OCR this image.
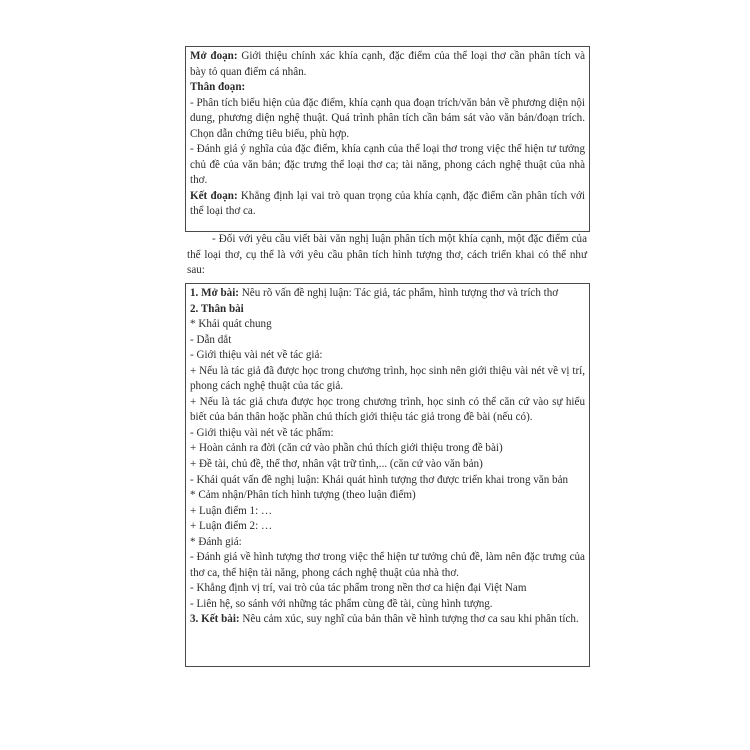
Mở đoạn: Giới thiệu chính xác khía cạnh, đặc điểm của thể loại thơ cần phân tích và bày tỏ quan điểm cá nhân.

Thân đoạn:

- Phân tích biểu hiện của đặc điểm, khía cạnh qua đoạn trích/văn bản về phương diện nội dung, phương diện nghệ thuật. Quá trình phân tích cần bám sát vào văn bản/đoạn trích. Chọn dẫn chứng tiêu biểu, phù hợp.

- Đánh giá ý nghĩa của đặc điểm, khía cạnh của thể loại thơ trong việc thể hiện tư tưởng chủ đề của văn bản; đặc trưng thể loại thơ ca; tài năng, phong cách nghệ thuật của nhà thơ.

Kết đoạn: Khẳng định lại vai trò quan trọng của khía cạnh, đặc điểm cần phân tích với thể loại thơ ca.

- Đối với yêu cầu viết bài văn nghị luận phân tích một khía cạnh, một đặc điểm của thể loại thơ, cụ thể là với yêu cầu phân tích hình tượng thơ, cách triển khai có thể như sau:

1. Mở bài: Nêu rõ vấn đề nghị luận: Tác giả, tác phẩm, hình tượng thơ và trích thơ

2. Thân bài

* Khái quát chung

- Dẫn dắt

- Giới thiệu vài nét về tác giả:

+ Nếu là tác giả đã được học trong chương trình, học sinh nên giới thiệu vài nét về vị trí, phong cách nghệ thuật của tác giả.

+ Nếu là tác giả chưa được học trong chương trình, học sinh có thể căn cứ vào sự hiểu biết của bản thân hoặc phần chú thích giới thiệu tác giả trong đề bài (nếu có).

- Giới thiệu vài nét về tác phẩm:

+ Hoàn cảnh ra đời (căn cứ vào phần chú thích giới thiệu trong đề bài)

+ Đề tài, chủ đề, thể thơ, nhân vật trữ tình,... (căn cứ vào văn bản)

- Khái quát vấn đề nghị luận: Khái quát hình tượng thơ được triển khai trong văn bản

* Cảm nhận/Phân tích hình tượng (theo luận điểm)

+ Luận điểm 1: …

+ Luận điểm 2: …

* Đánh giá:

- Đánh giá về hình tượng thơ trong việc thể hiện tư tưởng chủ đề, làm nên đặc trưng của thơ ca, thể hiện tài năng, phong cách nghệ thuật của nhà thơ.

- Khẳng định vị trí, vai trò của tác phẩm trong nền thơ ca hiện đại Việt Nam

- Liên hệ, so sánh với những tác phẩm cùng đề tài, cùng hình tượng.

3. Kết bài: Nêu cảm xúc, suy nghĩ của bản thân về hình tượng thơ ca sau khi phân tích.
